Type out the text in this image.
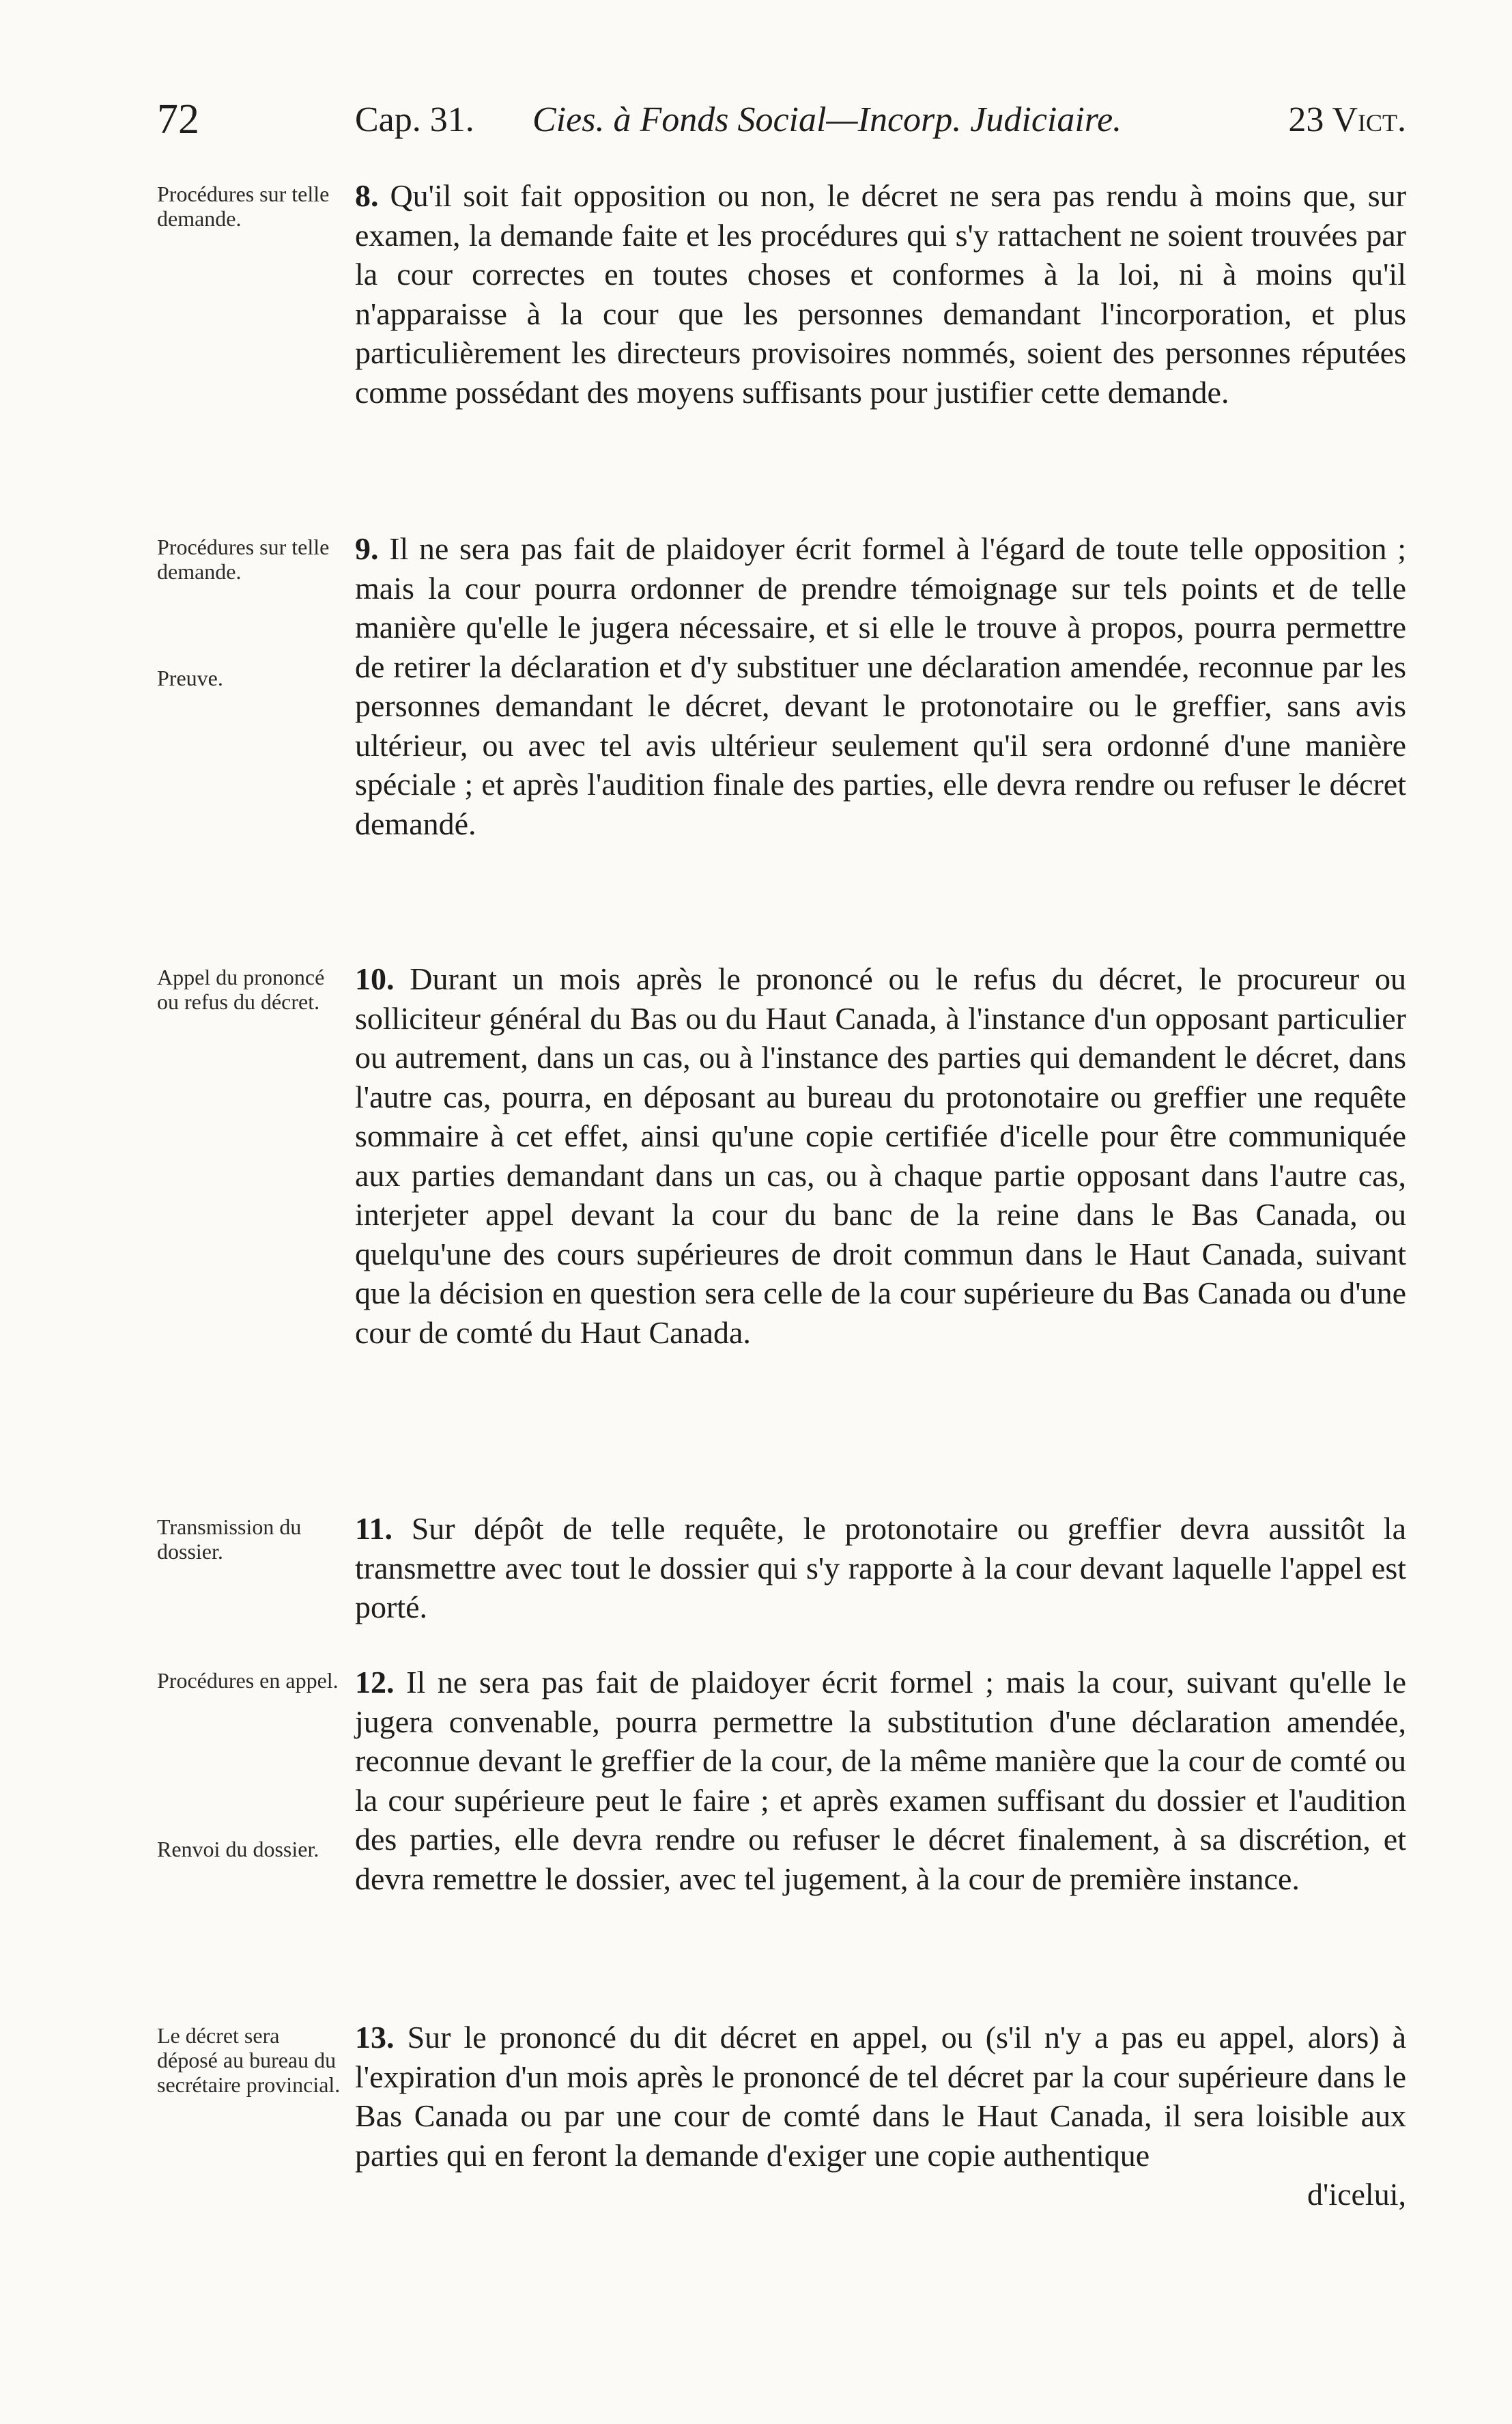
72	Cap. 31. Cies. à Fonds Social—Incorp. Judiciaire.	23 Vict.
Procédures sur telle demande.
8. Qu'il soit fait opposition ou non, le décret ne sera pas rendu à moins que, sur examen, la demande faite et les procédures qui s'y rattachent ne soient trouvées par la cour correctes en toutes choses et conformes à la loi, ni à moins qu'il n'apparaisse à la cour que les personnes demandant l'incorporation, et plus particulièrement les directeurs provisoires nommés, soient des personnes réputées comme possédant des moyens suffisants pour justifier cette demande.
Procédures sur telle demande.
Preuve.
9. Il ne sera pas fait de plaidoyer écrit formel à l'égard de toute telle opposition ; mais la cour pourra ordonner de prendre témoignage sur tels points et de telle manière qu'elle le jugera nécessaire, et si elle le trouve à propos, pourra permettre de retirer la déclaration et d'y substituer une déclaration amendée, reconnue par les personnes demandant le décret, devant le protonotaire ou le greffier, sans avis ultérieur, ou avec tel avis ultérieur seulement qu'il sera ordonné d'une manière spéciale ; et après l'audition finale des parties, elle devra rendre ou refuser le décret demandé.
Appel du prononcé ou refus du décret.
10. Durant un mois après le prononcé ou le refus du décret, le procureur ou solliciteur général du Bas ou du Haut Canada, à l'instance d'un opposant particulier ou autrement, dans un cas, ou à l'instance des parties qui demandent le décret, dans l'autre cas, pourra, en déposant au bureau du protonotaire ou greffier une requête sommaire à cet effet, ainsi qu'une copie certifiée d'icelle pour être communiquée aux parties demandant dans un cas, ou à chaque partie opposant dans l'autre cas, interjeter appel devant la cour du banc de la reine dans le Bas Canada, ou quelqu'une des cours supérieures de droit commun dans le Haut Canada, suivant que la décision en question sera celle de la cour supérieure du Bas Canada ou d'une cour de comté du Haut Canada.
Transmission du dossier.
11. Sur dépôt de telle requête, le protonotaire ou greffier devra aussitôt la transmettre avec tout le dossier qui s'y rapporte à la cour devant laquelle l'appel est porté.
Procédures en appel.
Renvoi du dossier.
12. Il ne sera pas fait de plaidoyer écrit formel ; mais la cour, suivant qu'elle le jugera convenable, pourra permettre la substitution d'une déclaration amendée, reconnue devant le greffier de la cour, de la même manière que la cour de comté ou la cour supérieure peut le faire ; et après examen suffisant du dossier et l'audition des parties, elle devra rendre ou refuser le décret finalement, à sa discrétion, et devra remettre le dossier, avec tel jugement, à la cour de première instance.
Le décret sera déposé au bureau du secrétaire provincial.
13. Sur le prononcé du dit décret en appel, ou (s'il n'y a pas eu appel, alors) à l'expiration d'un mois après le prononcé de tel décret par la cour supérieure dans le Bas Canada ou par une cour de comté dans le Haut Canada, il sera loisible aux parties qui en feront la demande d'exiger une copie authentique
d'icelui,
